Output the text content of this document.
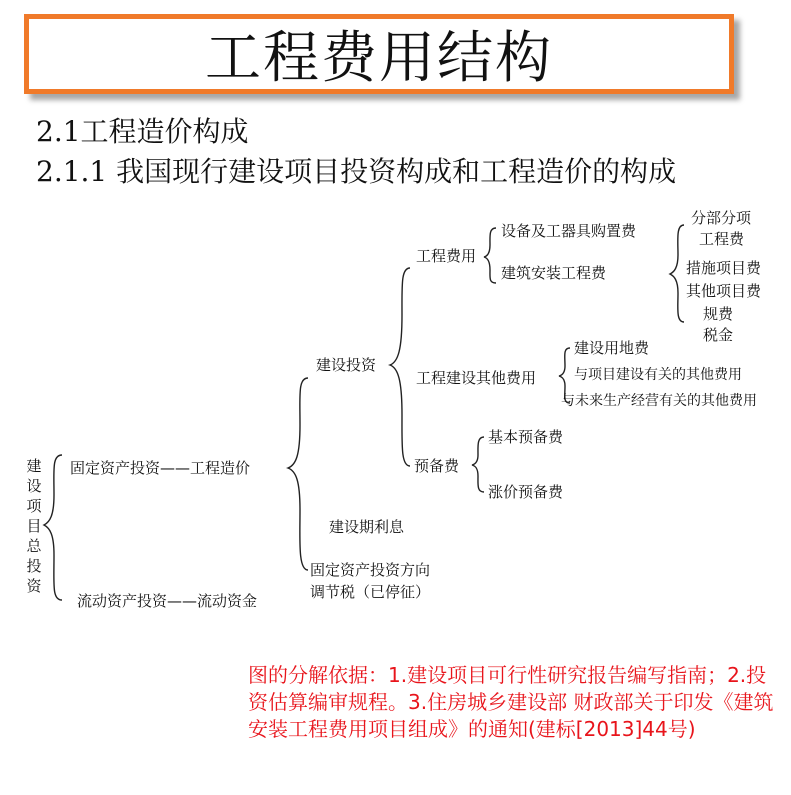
工程费用结构
2.1工程造价构成
2.1.1 我国现行建设项目投资构成和工程造价的构成
建设项目总投资
固定资产投资——工程造价
流动资产投资——流动资金
建设投资
建设期利息
固定资产投资方向
调节税（已停征）
工程费用
工程建设其他费用
预备费
设备及工器具购置费
建筑安装工程费
分部分项
工程费
措施项目费
其他项目费
规费
税金
建设用地费
与项目建设有关的其他费用
与未来生产经营有关的其他费用
基本预备费
涨价预备费
图的分解依据：1.建设项目可行性研究报告编写指南；2.投资估算编审规程。3.住房城乡建设部 财政部关于印发《建筑安装工程费用项目组成》的通知(建标[2013]44号)
